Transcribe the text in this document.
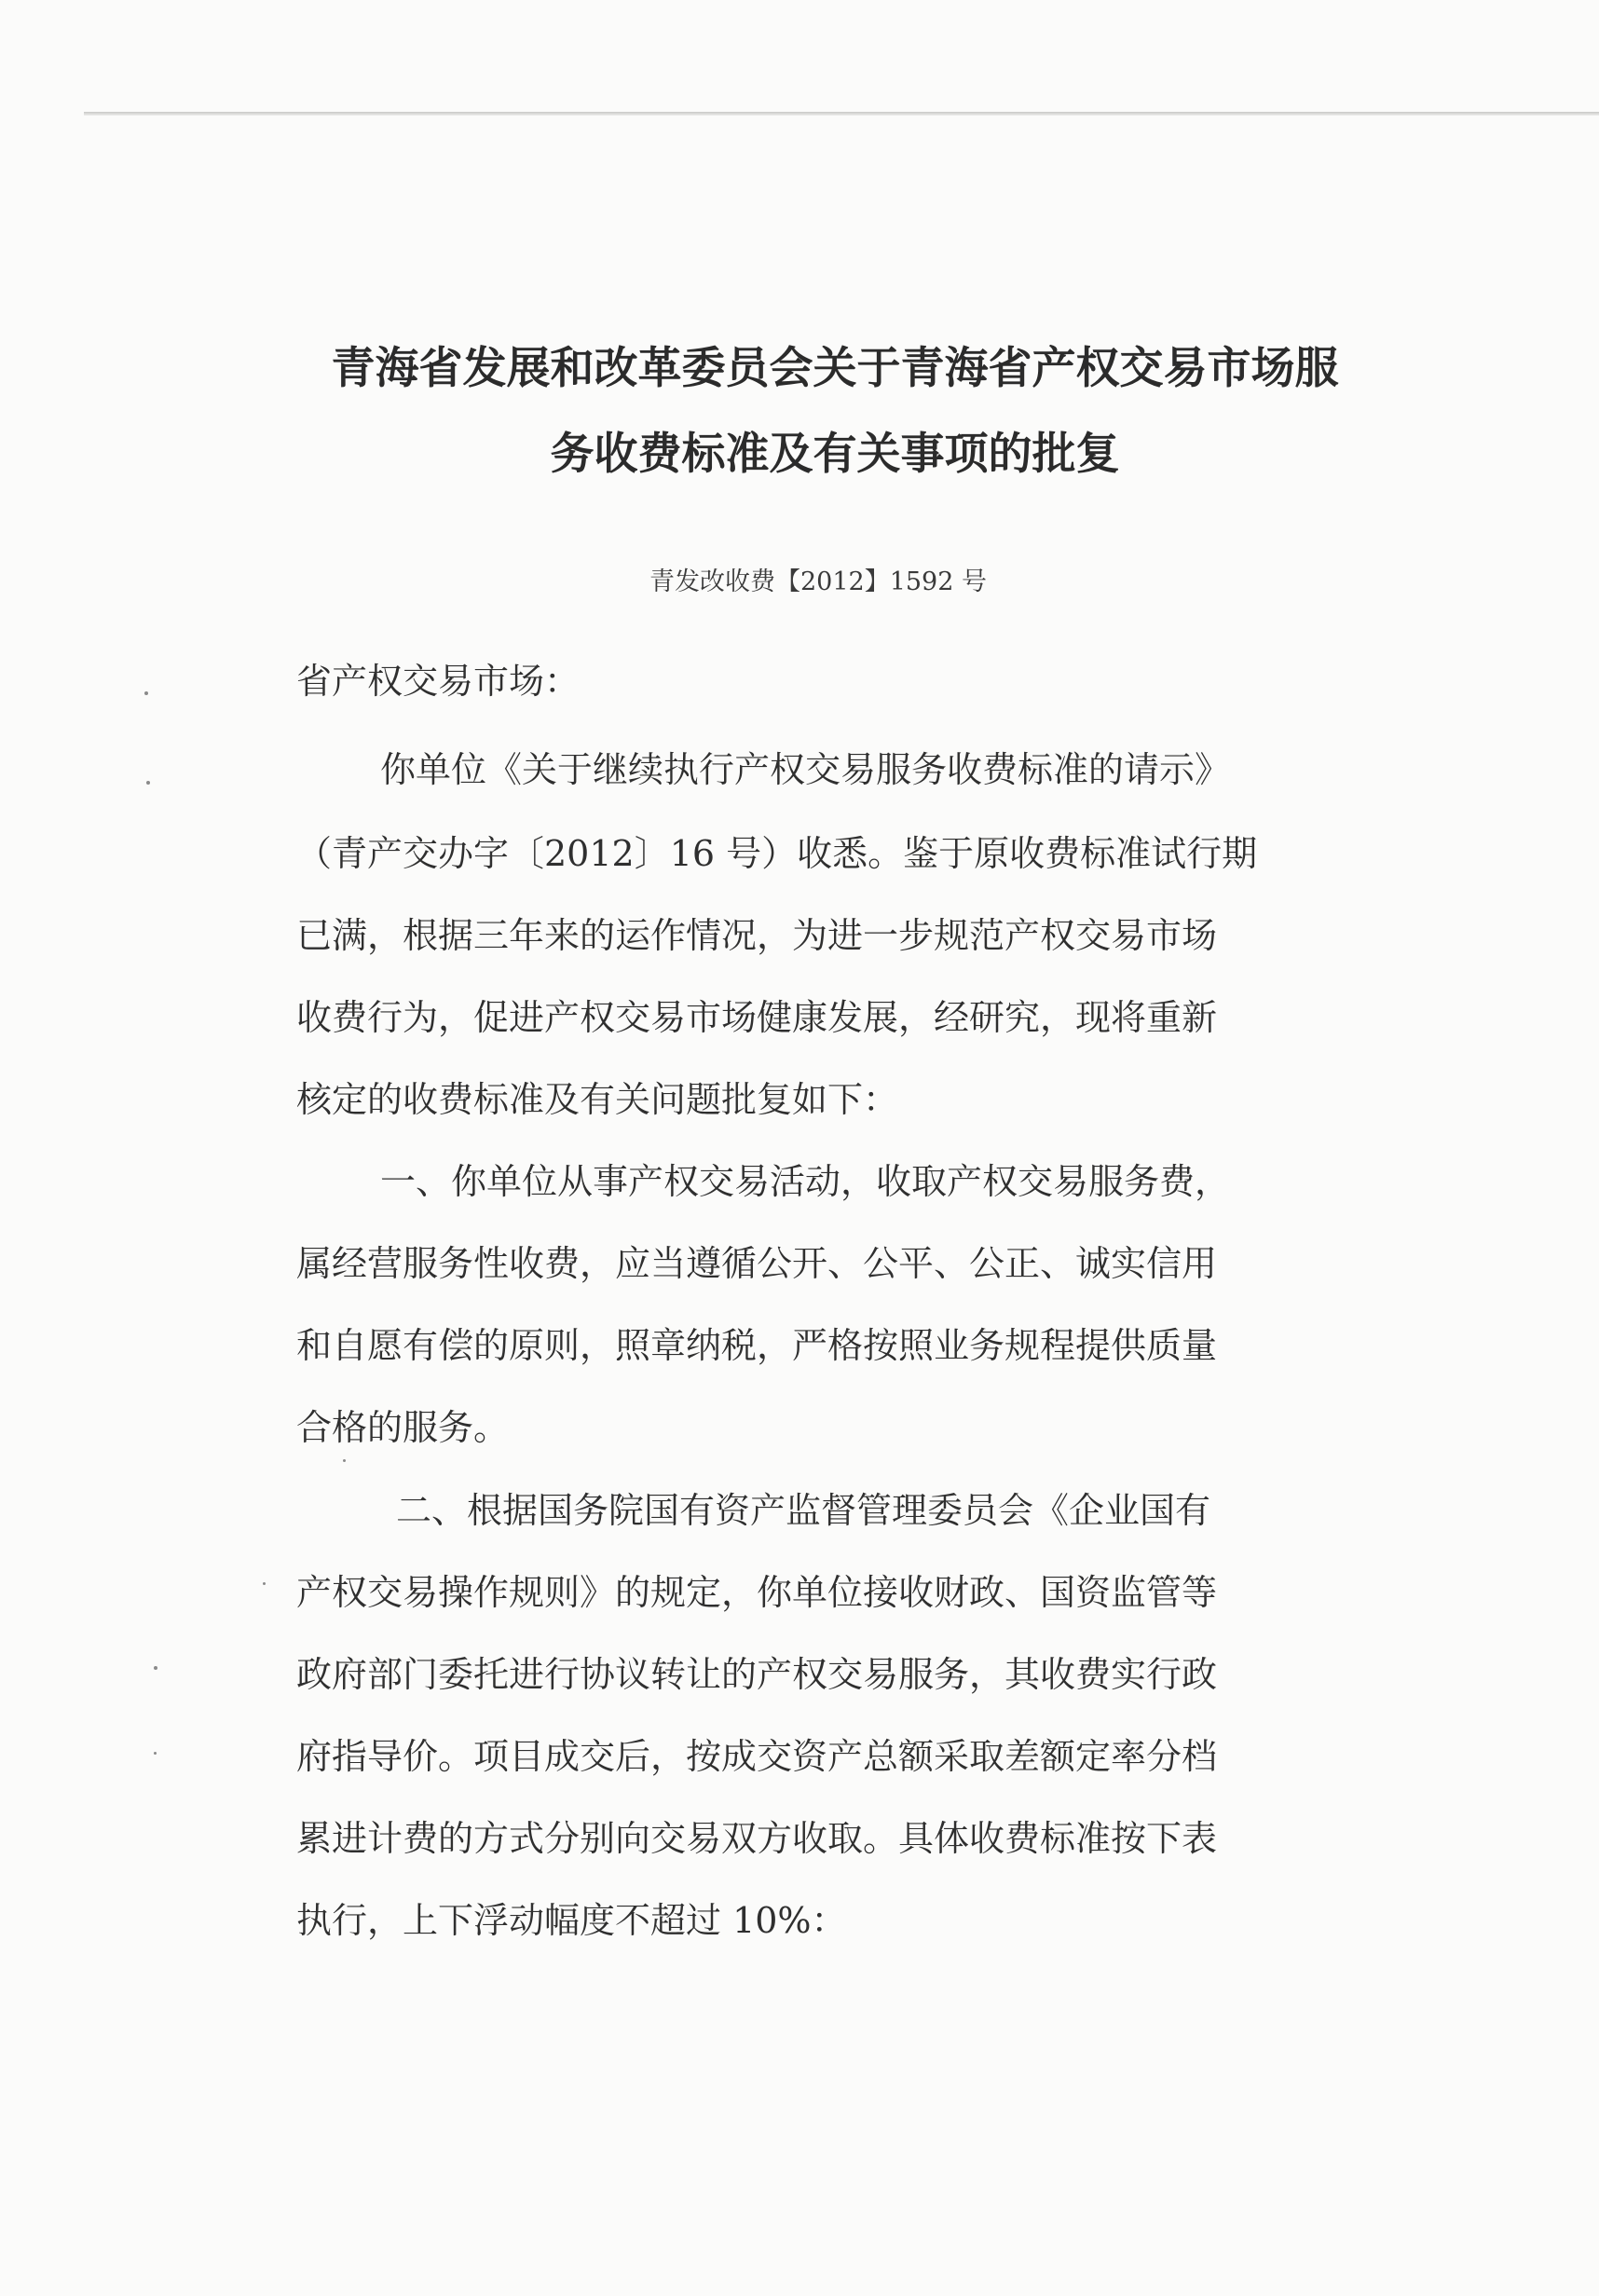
青海省发展和改革委员会关于青海省产权交易市场服
务收费标准及有关事项的批复
青发改收费【2012】1592 号
省产权交易市场：
你单位《关于继续执行产权交易服务收费标准的请示》
（青产交办字〔2012〕16 号）收悉。鉴于原收费标准试行期
已满，根据三年来的运作情况，为进一步规范产权交易市场
收费行为，促进产权交易市场健康发展，经研究，现将重新
核定的收费标准及有关问题批复如下：
一、你单位从事产权交易活动，收取产权交易服务费，
属经营服务性收费，应当遵循公开、公平、公正、诚实信用
和自愿有偿的原则，照章纳税，严格按照业务规程提供质量
合格的服务。
二、根据国务院国有资产监督管理委员会《企业国有
产权交易操作规则》的规定，你单位接收财政、国资监管等
政府部门委托进行协议转让的产权交易服务，其收费实行政
府指导价。项目成交后，按成交资产总额采取差额定率分档
累进计费的方式分别向交易双方收取。具体收费标准按下表
执行，上下浮动幅度不超过 10%：
